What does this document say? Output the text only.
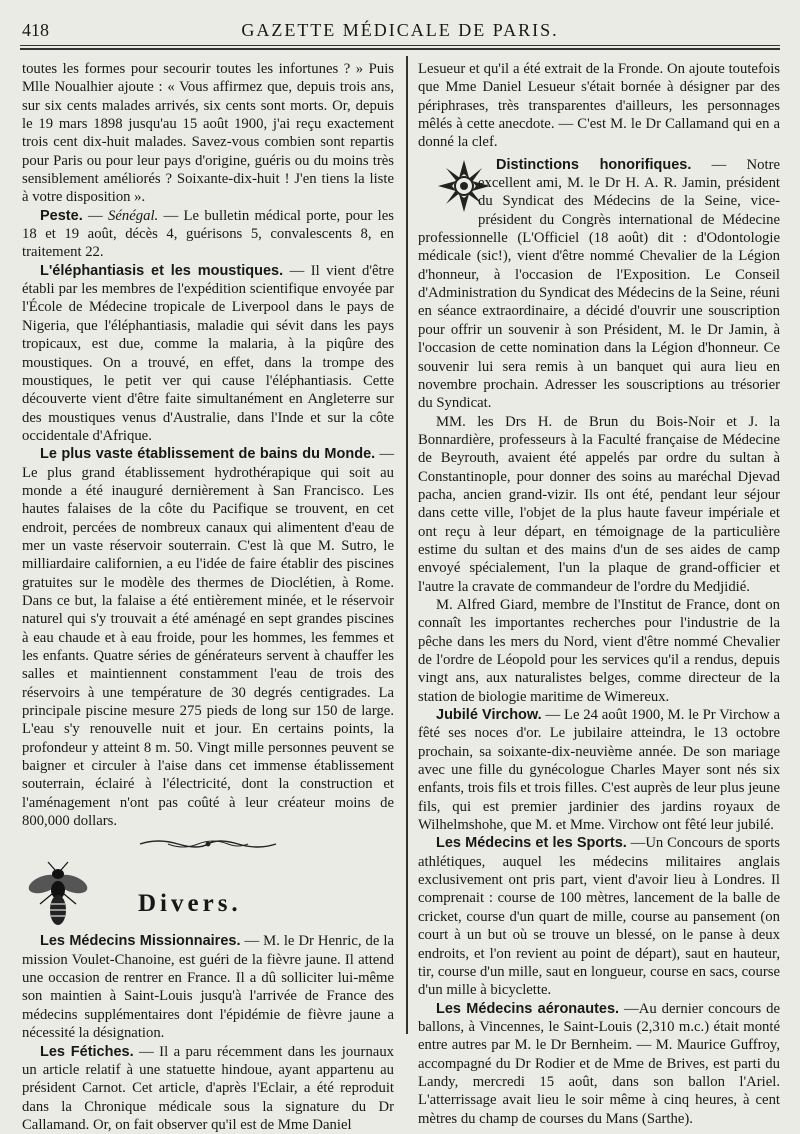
418	GAZETTE MÉDICALE DE PARIS.

toutes les formes pour secourir toutes les infortunes ? » Puis Mlle Noualhier ajoute : « Vous affirmez que, depuis trois ans, sur six cents malades arrivés, six cents sont morts. Or, depuis le 19 mars 1898 jusqu'au 15 août 1900, j'ai reçu exactement trois cent dix-huit malades. Savez-vous combien sont repartis pour Paris ou pour leur pays d'origine, guéris ou du moins très sensiblement améliorés ? Soixante-dix-huit ! J'en tiens la liste à votre disposition ».

Peste. — Sénégal. — Le bulletin médical porte, pour les 18 et 19 août, décès 4, guérisons 5, convalescents 8, en traitement 22.

L'éléphantiasis et les moustiques. — Il vient d'être établi par les membres de l'expédition scientifique envoyée par l'École de Médecine tropicale de Liverpool dans le pays de Nigeria, que l'éléphantiasis, maladie qui sévit dans les pays tropicaux, est due, comme la malaria, à la piqûre des moustiques. On a trouvé, en effet, dans la trompe des moustiques, le petit ver qui cause l'éléphantiasis. Cette découverte vient d'être faite simultanément en Angleterre sur des moustiques venus d'Australie, dans l'Inde et sur la côte occidentale d'Afrique.

Le plus vaste établissement de bains du Monde. — Le plus grand établissement hydrothérapique qui soit au monde a été inauguré dernièrement à San Francisco. Les hautes falaises de la côte du Pacifique se trouvent, en cet endroit, percées de nombreux canaux qui alimentent d'eau de mer un vaste réservoir souterrain. C'est là que M. Sutro, le milliardaire californien, a eu l'idée de faire établir des piscines gratuites sur le modèle des thermes de Dioclétien, à Rome. Dans ce but, la falaise a été entièrement minée, et le réservoir naturel qui s'y trouvait a été aménagé en sept grandes piscines à eau chaude et à eau froide, pour les hommes, les femmes et les enfants. Quatre séries de générateurs servent à chauffer les salles et maintiennent constamment l'eau de trois des réservoirs à une température de 30 degrés centigrades. La principale piscine mesure 275 pieds de long sur 150 de large. L'eau s'y renouvelle nuit et jour. En certains points, la profondeur y atteint 8 m. 50. Vingt mille personnes peuvent se baigner et circuler à l'aise dans cet immense établissement souterrain, éclairé à l'électricité, dont la construction et l'aménagement n'ont pas coûté à leur créateur moins de 800,000 dollars.

Divers.

Les Médecins Missionnaires. — M. le Dr Henric, de la mission Voulet-Chanoine, est guéri de la fièvre jaune. Il attend une occasion de rentrer en France. Il a dû solliciter lui-même son maintien à Saint-Louis jusqu'à l'arrivée de France des médecins supplémentaires dont l'épidémie de fièvre jaune a nécessité la désignation.

Les Fétiches. — Il a paru récemment dans les journaux un article relatif à une statuette hindoue, ayant appartenu au président Carnot. Cet article, d'après l'Eclair, a été reproduit dans la Chronique médicale sous la signature du Dr Callamand. Or, on fait observer qu'il est de Mme Daniel

Lesueur et qu'il a été extrait de la Fronde. On ajoute toutefois que Mme Daniel Lesueur s'était bornée à désigner par des périphrases, très transparentes d'ailleurs, les personnages mêlés à cette anecdote. — C'est M. le Dr Callamand qui en a donné la clef.

Distinctions honorifiques. — Notre excellent ami, M. le Dr H. A. R. Jamin, président du Syndicat des Médecins de la Seine, vice-président du Congrès international de Médecine professionnelle (L'Officiel (18 août) dit : d'Odontologie médicale (sic!), vient d'être nommé Chevalier de la Légion d'honneur, à l'occasion de l'Exposition. Le Conseil d'Administration du Syndicat des Médecins de la Seine, réuni en séance extraordinaire, a décidé d'ouvrir une souscription pour offrir un souvenir à son Président, M. le Dr Jamin, à l'occasion de cette nomination dans la Légion d'honneur. Ce souvenir lui sera remis à un banquet qui aura lieu en novembre prochain. Adresser les souscriptions au trésorier du Syndicat.

MM. les Drs H. de Brun du Bois-Noir et J. la Bonnardière, professeurs à la Faculté française de Médecine de Beyrouth, avaient été appelés par ordre du sultan à Constantinople, pour donner des soins au maréchal Djevad pacha, ancien grand-vizir. Ils ont été, pendant leur séjour dans cette ville, l'objet de la plus haute faveur impériale et ont reçu à leur départ, en témoignage de la particulière estime du sultan et des mains d'un de ses aides de camp envoyé spécialement, l'un la plaque de grand-officier et l'autre la cravate de commandeur de l'ordre du Medjidié.

M. Alfred Giard, membre de l'Institut de France, dont on connaît les importantes recherches pour l'industrie de la pêche dans les mers du Nord, vient d'être nommé Chevalier de l'ordre de Léopold pour les services qu'il a rendus, depuis vingt ans, aux naturalistes belges, comme directeur de la station de biologie maritime de Wimereux.

Jubilé Virchow. — Le 24 août 1900, M. le Pr Virchow a fêté ses noces d'or. Le jubilaire atteindra, le 13 octobre prochain, sa soixante-dix-neuvième année. De son mariage avec une fille du gynécologue Charles Mayer sont nés six enfants, trois fils et trois filles. C'est auprès de leur plus jeune fils, qui est premier jardinier des jardins royaux de Wilhelmshohe, que M. et Mme. Virchow ont fêté leur jubilé.

Les Médecins et les Sports. —Un Concours de sports athlétiques, auquel les médecins militaires anglais exclusivement ont pris part, vient d'avoir lieu à Londres. Il comprenait : course de 100 mètres, lancement de la balle de cricket, course d'un quart de mille, course au pansement (on court à un but où se trouve un blessé, on le panse à deux endroits, et l'on revient au point de départ), saut en hauteur, tir, course d'un mille, saut en longueur, course en sacs, course d'un mille à bicyclette.

Les Médecins aéronautes. —Au dernier concours de ballons, à Vincennes, le Saint-Louis (2,310 m.c.) était monté entre autres par M. le Dr Bernheim. — M. Maurice Guffroy, accompagné du Dr Rodier et de Mme de Brives, est parti du Landy, mercredi 15 août, dans son ballon l'Ariel. L'atterrissage avait lieu le soir même à cinq heures, à cent mètres du champ de courses du Mans (Sarthe).
